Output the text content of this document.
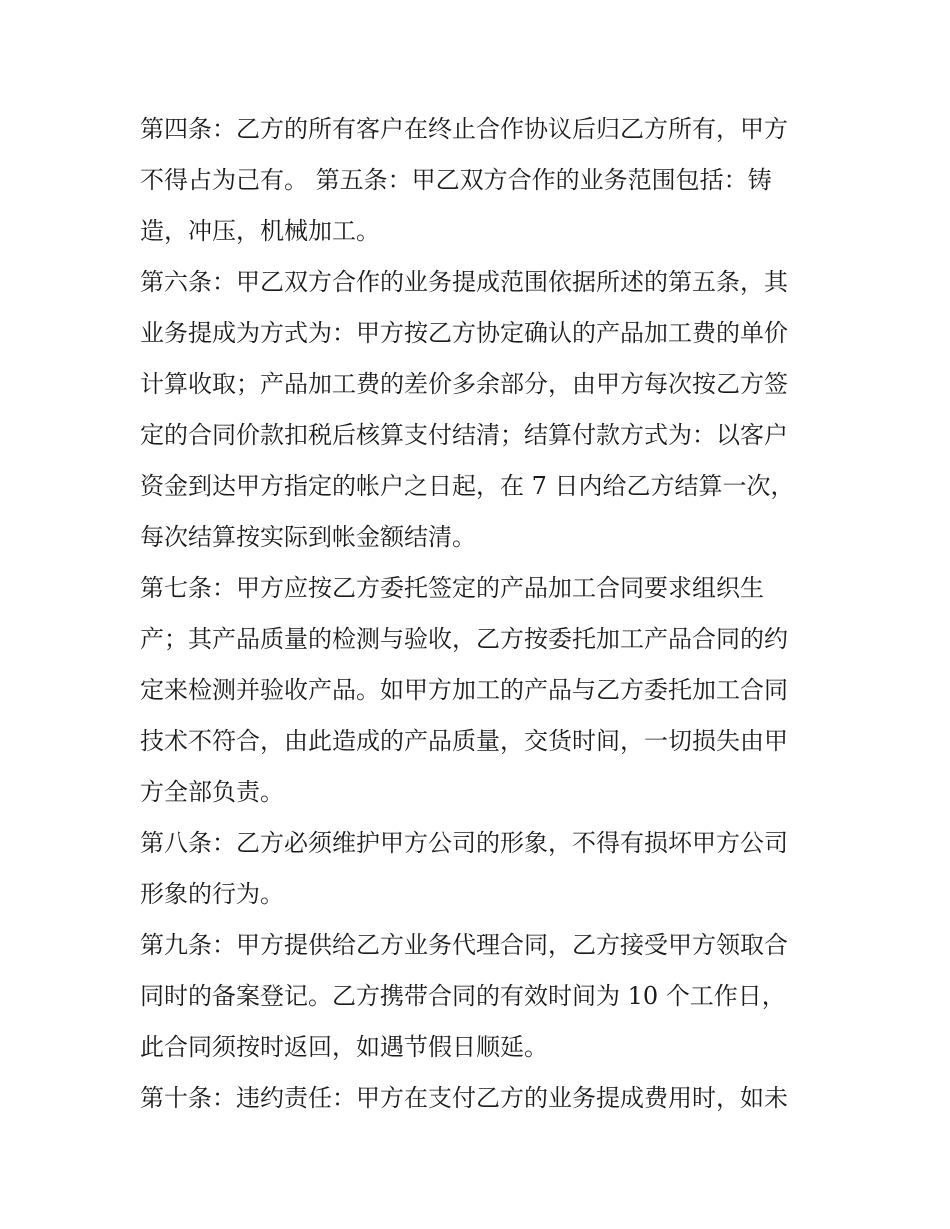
第四条：乙方的所有客户在终止合作协议后归乙方所有，甲方
不得占为己有。 第五条：甲乙双方合作的业务范围包括：铸
造，冲压，机械加工。
第六条：甲乙双方合作的业务提成范围依据所述的第五条，其
业务提成为方式为：甲方按乙方协定确认的产品加工费的单价
计算收取；产品加工费的差价多余部分，由甲方每次按乙方签
定的合同价款扣税后核算支付结清；结算付款方式为：以客户
资金到达甲方指定的帐户之日起，在 7 日内给乙方结算一次，
每次结算按实际到帐金额结清。
第七条：甲方应按乙方委托签定的产品加工合同要求组织生
产；其产品质量的检测与验收，乙方按委托加工产品合同的约
定来检测并验收产品。如甲方加工的产品与乙方委托加工合同
技术不符合，由此造成的产品质量，交货时间，一切损失由甲
方全部负责。
第八条：乙方必须维护甲方公司的形象，不得有损坏甲方公司
形象的行为。
第九条：甲方提供给乙方业务代理合同，乙方接受甲方领取合
同时的备案登记。乙方携带合同的有效时间为 10 个工作日，
此合同须按时返回，如遇节假日顺延。
第十条：违约责任：甲方在支付乙方的业务提成费用时，如未
